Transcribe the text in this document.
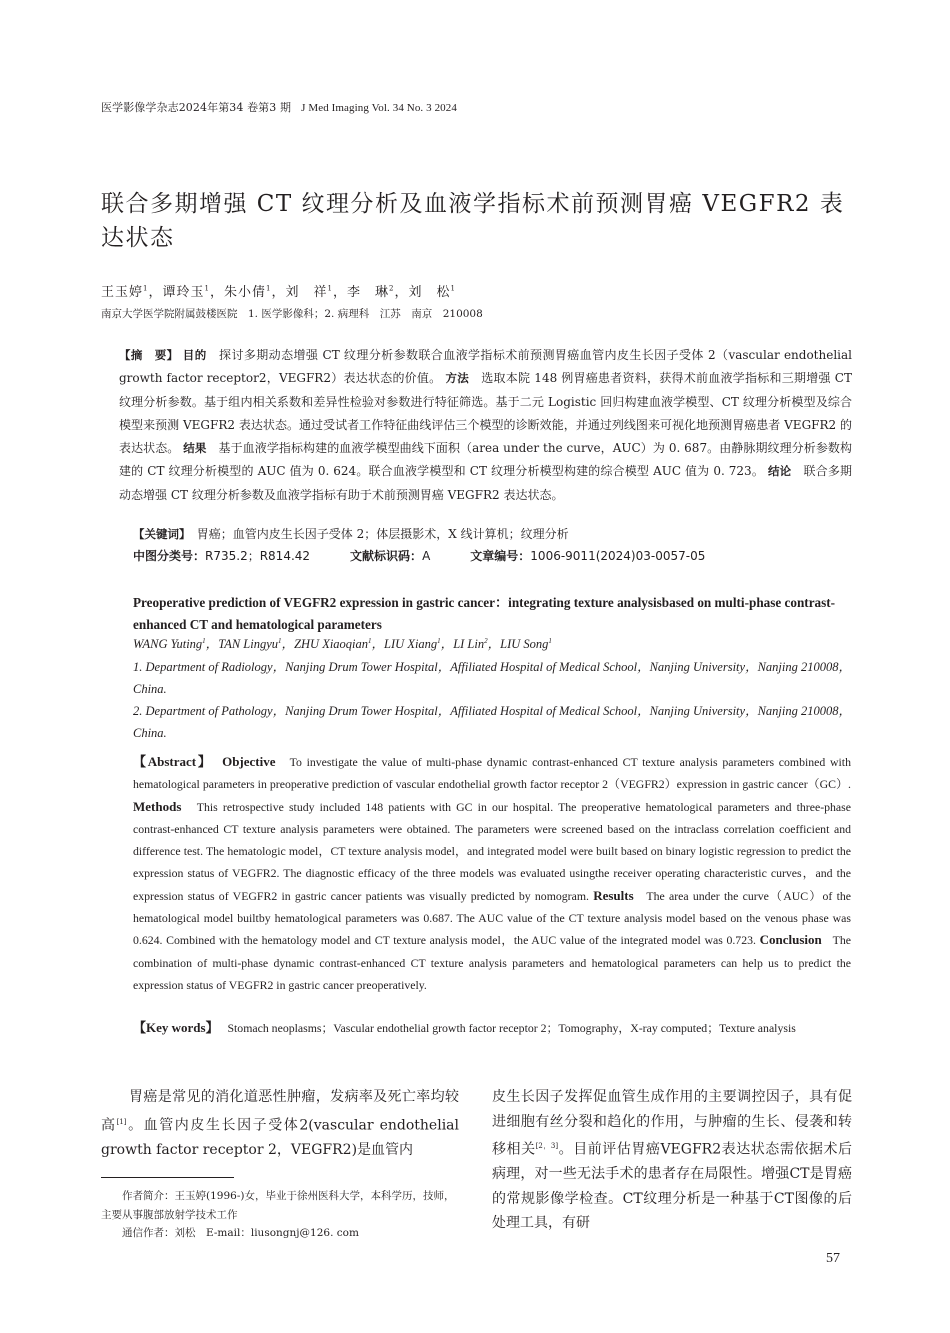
医学影像学杂志2024年第34 卷第3 期 J Med Imaging Vol. 34 No. 3 2024
联合多期增强 CT 纹理分析及血液学指标术前预测胃癌 VEGFR2 表达状态
王玉婷$^1$，谭玲玉$^1$，朱小倩$^1$，刘　祥$^1$，李　琳$^2$，刘　松$^1$
南京大学医学院附属鼓楼医院　1. 医学影像科；2. 病理科　江苏　南京　210008
【摘　要】 目的　 探讨多期动态增强 CT 纹理分析参数联合血液学指标术前预测胃癌血管内皮生长因子受体 2（vascular endothelial growth factor receptor2，VEGFR2）表达状态的价值。 方法　 选取本院 148 例胃癌患者资料，获得术前血液学指标和三期增强 CT 纹理分析参数。基于组内相关系数和差异性检验对参数进行特征筛选。基于二元 Logistic 回归构建血液学模型、CT 纹理分析模型及综合模型来预测 VEGFR2 表达状态。通过受试者工作特征曲线评估三个模型的诊断效能，并通过列线图来可视化地预测胃癌患者 VEGFR2 的表达状态。 结果　 基于血液学指标构建的血液学模型曲线下面积（area under the curve，AUC）为 0. 687。由静脉期纹理分析参数构建的 CT 纹理分析模型的 AUC 值为 0. 624。联合血液学模型和 CT 纹理分析模型构建的综合模型 AUC 值为 0. 723。 结论　 联合多期动态增强 CT 纹理分析参数及血液学指标有助于术前预测胃癌 VEGFR2 表达状态。
【关键词】　 胃癌；血管内皮生长因子受体 2；体层摄影术，X 线计算机；纹理分析
中图分类号：R735.2；R814.42	文献标识码：A	文章编号：1006-9011(2024)03-0057-05
Preoperative prediction of VEGFR2 expression in gastric cancer：integrating texture analysisbased on multi-phase contrast-enhanced CT and hematological parameters
WANG Yuting$^1$，TAN Lingyu$^1$，ZHU Xiaoqian$^1$，LIU Xiang$^1$，LI Lin$^2$，LIU Song$^1$
1. Department of Radiology，Nanjing Drum Tower Hospital，Affiliated Hospital of Medical School，Nanjing University，Nanjing 210008，China.
2. Department of Pathology，Nanjing Drum Tower Hospital，Affiliated Hospital of Medical School，Nanjing University，Nanjing 210008，China.
【Abstract】 Objective To investigate the value of multi-phase dynamic contrast-enhanced CT texture analysis parameters combined with hematological parameters in preoperative prediction of vascular endothelial growth factor receptor 2（VEGFR2）expression in gastric cancer（GC）. Methods This retrospective study included 148 patients with GC in our hospital. The preoperative hematological parameters and three-phase contrast-enhanced CT texture analysis parameters were obtained. The parameters were screened based on the intraclass correlation coefficient and difference test. The hematologic model，CT texture analysis model，and integrated model were built based on binary logistic regression to predict the expression status of VEGFR2. The diagnostic efficacy of the three models was evaluated usingthe receiver operating characteristic curves，and the expression status of VEGFR2 in gastric cancer patients was visually predicted by nomogram. Results The area under the curve（AUC）of the hematological model builtby hematological parameters was 0.687. The AUC value of the CT texture analysis model based on the venous phase was 0.624. Combined with the hematology model and CT texture analysis model，the AUC value of the integrated model was 0.723. Conclusion The combination of multi-phase dynamic contrast-enhanced CT texture analysis parameters and hematological parameters can help us to predict the expression status of VEGFR2 in gastric cancer preoperatively.
【Key words】 Stomach neoplasms；Vascular endothelial growth factor receptor 2；Tomography，X-ray computed；Texture analysis
胃癌是常见的消化道恶性肿瘤，发病率及死亡率均较高[1]。血管内皮生长因子受体2(vascular endothelial growth factor receptor 2，VEGFR2)是血管内

作者简介：王玉婷(1996-)女，毕业于徐州医科大学，本科学历，技师，主要从事腹部放射学技术工作

通信作者：刘松　E-mail：liusongnj@126. com

皮生长因子发挥促血管生成作用的主要调控因子，具有促进细胞有丝分裂和趋化的作用，与肿瘤的生长、侵袭和转移相关[2，3]。目前评估胃癌VEGFR2表达状态需依据术后病理，对一些无法手术的患者存在局限性。增强CT是胃癌的常规影像学检查。CT纹理分析是一种基于CT图像的后处理工具，有研
57
